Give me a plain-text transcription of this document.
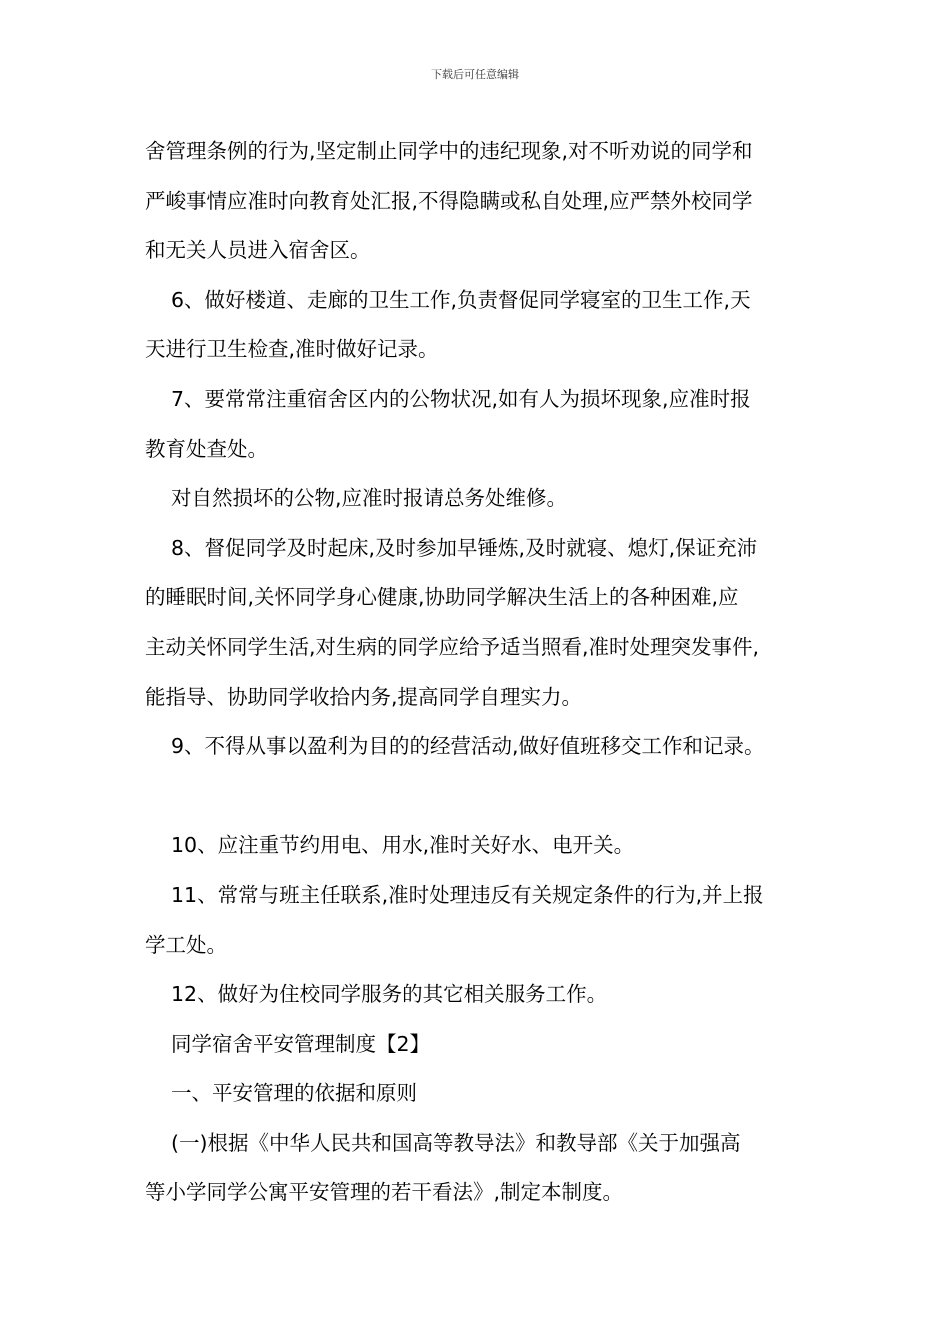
下载后可任意编辑
舍管理条例的行为,坚定制止同学中的违纪现象,对不听劝说的同学和
严峻事情应准时向教育处汇报,不得隐瞒或私自处理,应严禁外校同学
和无关人员进入宿舍区。
6、做好楼道、走廊的卫生工作,负责督促同学寝室的卫生工作,天
天进行卫生检查,准时做好记录。
7、要常常注重宿舍区内的公物状况,如有人为损坏现象,应准时报
教育处查处。
对自然损坏的公物,应准时报请总务处维修。
8、督促同学及时起床,及时参加早锤炼,及时就寝、熄灯,保证充沛
的睡眠时间,关怀同学身心健康,协助同学解决生活上的各种困难,应
主动关怀同学生活,对生病的同学应给予适当照看,准时处理突发事件,
能指导、协助同学收拾内务,提高同学自理实力。
9、不得从事以盈利为目的的经营活动,做好值班移交工作和记录。
10、应注重节约用电、用水,准时关好水、电开关。
11、常常与班主任联系,准时处理违反有关规定条件的行为,并上报
学工处。
12、做好为住校同学服务的其它相关服务工作。
同学宿舍平安管理制度【2】
一、平安管理的依据和原则
(一)根据《中华人民共和国高等教导法》和教导部《关于加强高
等小学同学公寓平安管理的若干看法》,制定本制度。
